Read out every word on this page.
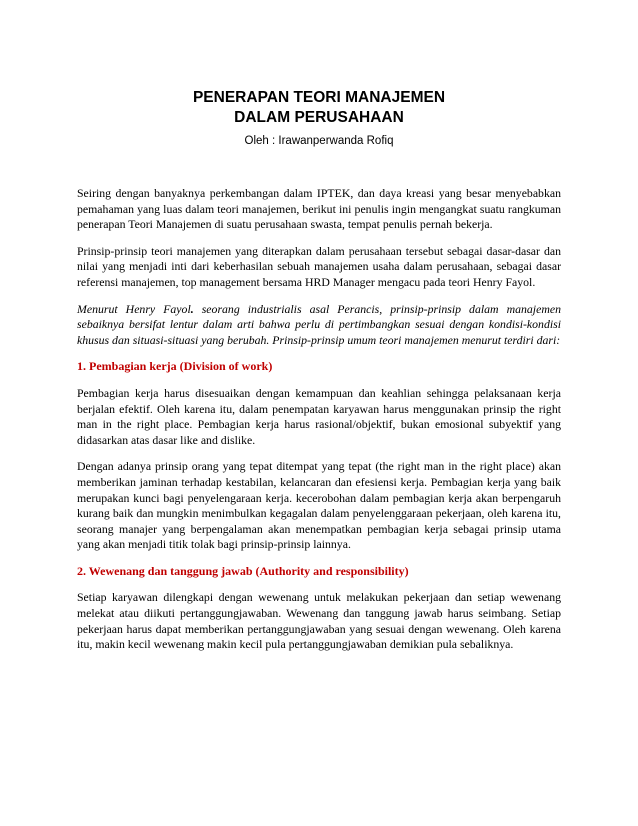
PENERAPAN TEORI MANAJEMEN
DALAM PERUSAHAAN
Oleh : Irawanperwanda Rofiq

Seiring dengan banyaknya perkembangan dalam IPTEK, dan daya kreasi yang besar menyebabkan pemahaman yang luas dalam teori manajemen, berikut ini penulis ingin mengangkat suatu rangkuman penerapan Teori Manajemen di suatu perusahaan swasta, tempat penulis pernah bekerja.

Prinsip-prinsip teori manajemen yang diterapkan dalam perusahaan tersebut sebagai dasar-dasar dan nilai yang menjadi inti dari keberhasilan sebuah manajemen usaha dalam perusahaan, sebagai dasar referensi manajemen, top management bersama HRD Manager mengacu pada teori Henry Fayol.

Menurut Henry Fayol. seorang industrialis asal Perancis, prinsip-prinsip dalam manajemen sebaiknya bersifat lentur dalam arti bahwa perlu di pertimbangkan sesuai dengan kondisi-kondisi khusus dan situasi-situasi yang berubah. Prinsip-prinsip umum teori manajemen menurut terdiri dari:

1. Pembagian kerja (Division of work)

Pembagian kerja harus disesuaikan dengan kemampuan dan keahlian sehingga pelaksanaan kerja berjalan efektif. Oleh karena itu, dalam penempatan karyawan harus menggunakan prinsip the right man in the right place. Pembagian kerja harus rasional/objektif, bukan emosional subyektif yang didasarkan atas dasar like and dislike.

Dengan adanya prinsip orang yang tepat ditempat yang tepat (the right man in the right place) akan memberikan jaminan terhadap kestabilan, kelancaran dan efesiensi kerja. Pembagian kerja yang baik merupakan kunci bagi penyelengaraan kerja. kecerobohan dalam pembagian kerja akan berpengaruh kurang baik dan mungkin menimbulkan kegagalan dalam penyelenggaraan pekerjaan, oleh karena itu, seorang manajer yang berpengalaman akan menempatkan pembagian kerja sebagai prinsip utama yang akan menjadi titik tolak bagi prinsip-prinsip lainnya.

2. Wewenang dan tanggung jawab (Authority and responsibility)

Setiap karyawan dilengkapi dengan wewenang untuk melakukan pekerjaan dan setiap wewenang melekat atau diikuti pertanggungjawaban. Wewenang dan tanggung jawab harus seimbang. Setiap pekerjaan harus dapat memberikan pertanggungjawaban yang sesuai dengan wewenang. Oleh karena itu, makin kecil wewenang makin kecil pula pertanggungjawaban demikian pula sebaliknya.
